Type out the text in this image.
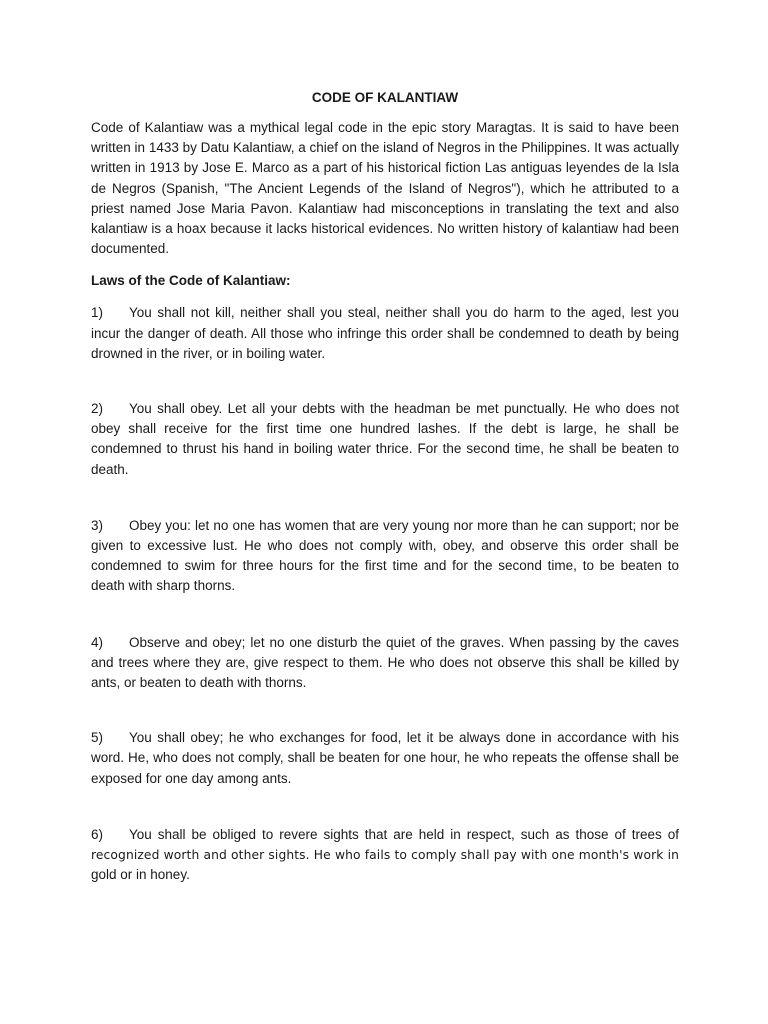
CODE OF KALANTIAW

Code of Kalantiaw was a mythical legal code in the epic story Maragtas. It is said to have been written in 1433 by Datu Kalantiaw, a chief on the island of Negros in the Philippines. It was actually written in 1913 by Jose E. Marco as a part of his historical fiction Las antiguas leyendes de la Isla de Negros (Spanish, "The Ancient Legends of the Island of Negros"), which he attributed to a priest named Jose Maria Pavon. Kalantiaw had misconceptions in translating the text and also kalantiaw is a hoax because it lacks historical evidences. No written history of kalantiaw had been documented.

Laws of the Code of Kalantiaw:

1) You shall not kill, neither shall you steal, neither shall you do harm to the aged, lest you incur the danger of death. All those who infringe this order shall be condemned to death by being drowned in the river, or in boiling water.

2) You shall obey. Let all your debts with the headman be met punctually. He who does not obey shall receive for the first time one hundred lashes. If the debt is large, he shall be condemned to thrust his hand in boiling water thrice. For the second time, he shall be beaten to death.

3) Obey you: let no one has women that are very young nor more than he can support; nor be given to excessive lust. He who does not comply with, obey, and observe this order shall be condemned to swim for three hours for the first time and for the second time, to be beaten to death with sharp thorns.

4) Observe and obey; let no one disturb the quiet of the graves. When passing by the caves and trees where they are, give respect to them. He who does not observe this shall be killed by ants, or beaten to death with thorns.

5) You shall obey; he who exchanges for food, let it be always done in accordance with his word. He, who does not comply, shall be beaten for one hour, he who repeats the offense shall be exposed for one day among ants.

6) You shall be obliged to revere sights that are held in respect, such as those of trees of recognized worth and other sights. He who fails to comply shall pay with one month's work in gold or in honey.
